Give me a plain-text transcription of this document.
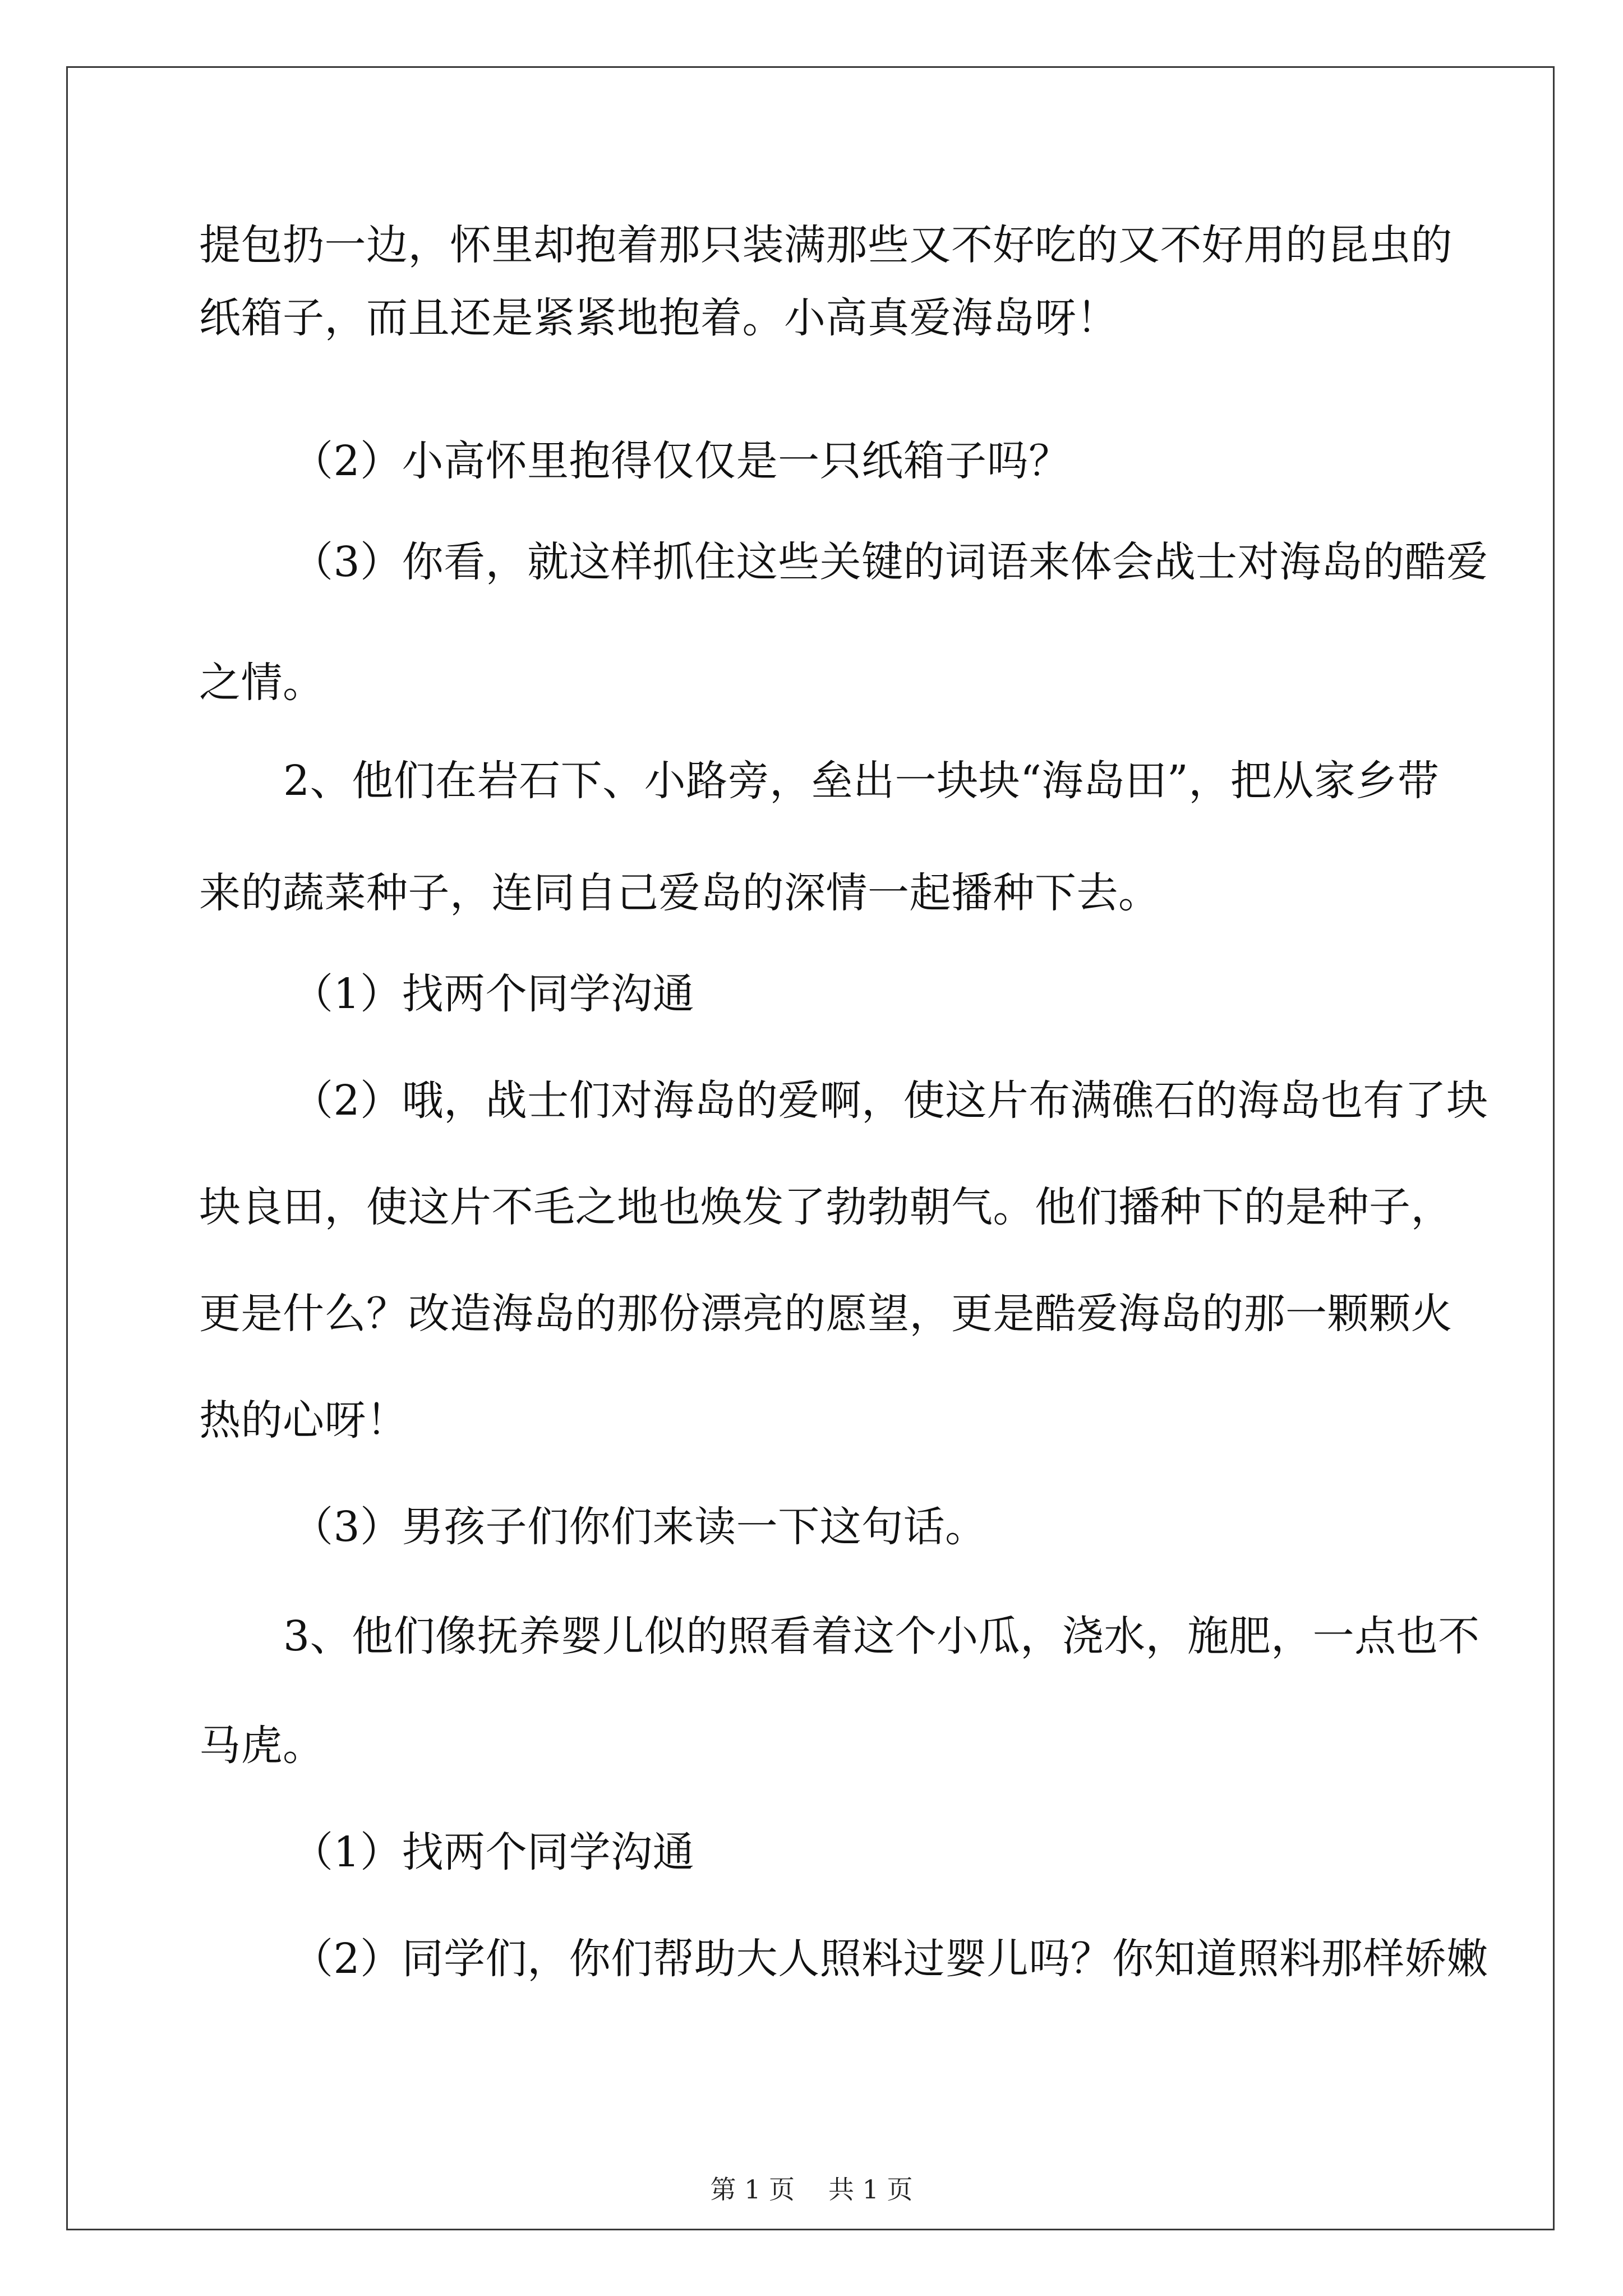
提包扔一边，怀里却抱着那只装满那些又不好吃的又不好用的昆虫的
纸箱子，而且还是紧紧地抱着。小高真爱海岛呀！
（2）小高怀里抱得仅仅是一只纸箱子吗？
（3）你看，就这样抓住这些关键的词语来体会战士对海岛的酷爱
之情。
2、他们在岩石下、小路旁，垒出一块块“海岛田”，把从家乡带
来的蔬菜种子，连同自己爱岛的深情一起播种下去。
（1）找两个同学沟通
（2）哦，战士们对海岛的爱啊，使这片布满礁石的海岛也有了块
块良田，使这片不毛之地也焕发了勃勃朝气。他们播种下的是种子，
更是什么？改造海岛的那份漂亮的愿望，更是酷爱海岛的那一颗颗火
热的心呀！
（3）男孩子们你们来读一下这句话。
3、他们像抚养婴儿似的照看着这个小瓜，浇水，施肥，一点也不
马虎。
（1）找两个同学沟通
（2）同学们，你们帮助大人照料过婴儿吗？你知道照料那样娇嫩
第 1 页 共 1 页
